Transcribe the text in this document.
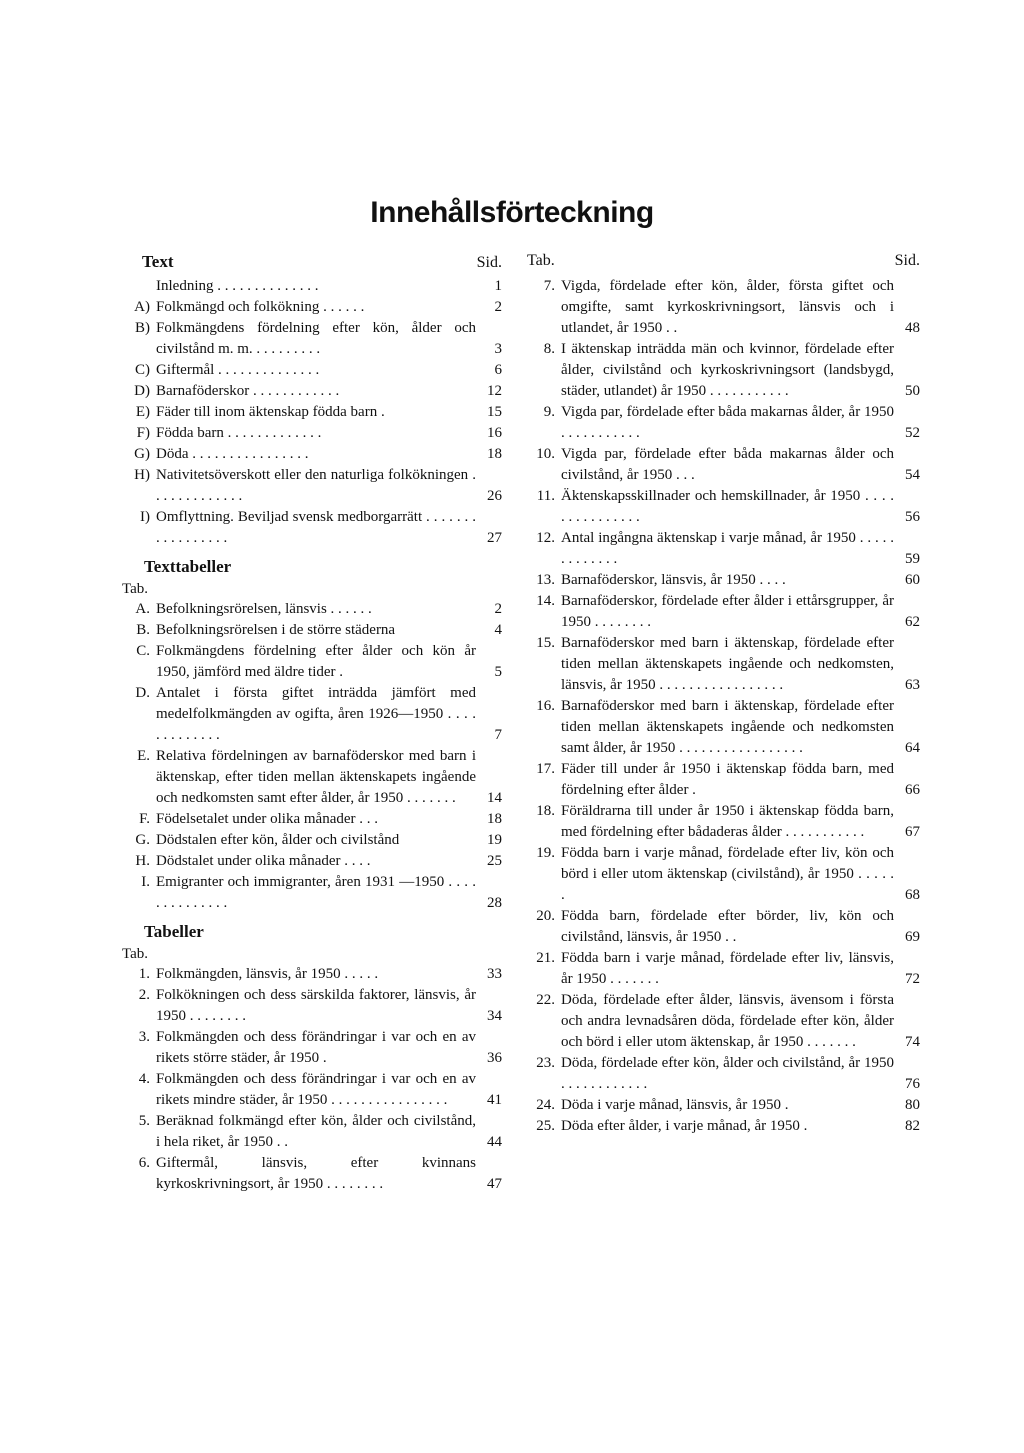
Innehållsförteckning
Text	Sid.
Inledning . . . . . . . . . . . . . .	1
A) Folkmängd och folkökning . . . . . .	2
B) Folkmängdens fördelning efter kön, ålder och civilstånd m. m. . . . . . . . . .	3
C) Giftermål . . . . . . . . . . . . . .	6
D) Barnaföderskor . . . . . . . . . . . .	12
E) Fäder till inom äktenskap födda barn .	15
F) Födda barn . . . . . . . . . . . . .	16
G) Döda . . . . . . . . . . . . . . . .	18
H) Nativitetsöverskott eller den naturliga folkökningen . . . . . . . . . . . . .	26
I) Omflyttning. Beviljad svensk medborgarrätt . . . . . . . . . . . . . . . . .	27
Texttabeller
Tab.
A. Befolkningsrörelsen, länsvis . . . . . .	2
B. Befolkningsrörelsen i de större städerna	4
C. Folkmängdens fördelning efter ålder och kön år 1950, jämförd med äldre tider .	5
D. Antalet i första giftet inträdda jämfört med medelfolkmängden av ogifta, åren 1926—1950 . . . . . . . . . . . . .	7
E. Relativa fördelningen av barnaföderskor med barn i äktenskap, efter tiden mellan äktenskapets ingående och nedkomsten samt efter ålder, år 1950 . . . . . . .	14
F. Födelsetalet under olika månader . . .	18
G. Dödstalen efter kön, ålder och civilstånd	19
H. Dödstalet under olika månader . . . .	25
I. Emigranter och immigranter, åren 1931 —1950 . . . . . . . . . . . . . .	28
Tabeller
Tab.
1. Folkmängden, länsvis, år 1950 . . . . .	33
2. Folkökningen och dess särskilda faktorer, länsvis, år 1950 . . . . . . . .	34
3. Folkmängden och dess förändringar i var och en av rikets större städer, år 1950 .	36
4. Folkmängden och dess förändringar i var och en av rikets mindre städer, år 1950 . . . . . . . . . . . . . . . .	41
5. Beräknad folkmängd efter kön, ålder och civilstånd, i hela riket, år 1950 . .	44
6. Giftermål, länsvis, efter kvinnans kyrkoskrivningsort, år 1950 . . . . . . . .	47
Tab.	Sid.
7. Vigda, fördelade efter kön, ålder, första giftet och omgifte, samt kyrkoskrivningsort, länsvis och i utlandet, år 1950 . .	48
8. I äktenskap inträdda män och kvinnor, fördelade efter ålder, civilstånd och kyrkoskrivningsort (landsbygd, städer, utlandet) år 1950 . . . . . . . . . . .	50
9. Vigda par, fördelade efter båda makarnas ålder, år 1950 . . . . . . . . . . .	52
10. Vigda par, fördelade efter båda makarnas ålder och civilstånd, år 1950 . . .	54
11. Äktenskapsskillnader och hemskillnader, år 1950 . . . . . . . . . . . . . . .	56
12. Antal ingångna äktenskap i varje månad, år 1950 . . . . . . . . . . . . .	59
13. Barnaföderskor, länsvis, år 1950 . . . .	60
14. Barnaföderskor, fördelade efter ålder i ettårsgrupper, år 1950 . . . . . . . .	62
15. Barnaföderskor med barn i äktenskap, fördelade efter tiden mellan äktenskapets ingående och nedkomsten, länsvis, år 1950 . . . . . . . . . . . . . . . . .	63
16. Barnaföderskor med barn i äktenskap, fördelade efter tiden mellan äktenskapets ingående och nedkomsten samt ålder, år 1950 . . . . . . . . . . . . . . . . .	64
17. Fäder till under år 1950 i äktenskap födda barn, med fördelning efter ålder .	66
18. Föräldrarna till under år 1950 i äktenskap födda barn, med fördelning efter bådaderas ålder . . . . . . . . . . .	67
19. Födda barn i varje månad, fördelade efter liv, kön och börd i eller utom äktenskap (civilstånd), år 1950 . . . . . .	68
20. Födda barn, fördelade efter börder, liv, kön och civilstånd, länsvis, år 1950 . .	69
21. Födda barn i varje månad, fördelade efter liv, länsvis, år 1950 . . . . . . .	72
22. Döda, fördelade efter ålder, länsvis, ävensom i första och andra levnadsåren döda, fördelade efter kön, ålder och börd i eller utom äktenskap, år 1950 . . . . . . .	74
23. Döda, fördelade efter kön, ålder och civilstånd, år 1950 . . . . . . . . . . . .	76
24. Döda i varje månad, länsvis, år 1950 .	80
25. Döda efter ålder, i varje månad, år 1950 .	82
